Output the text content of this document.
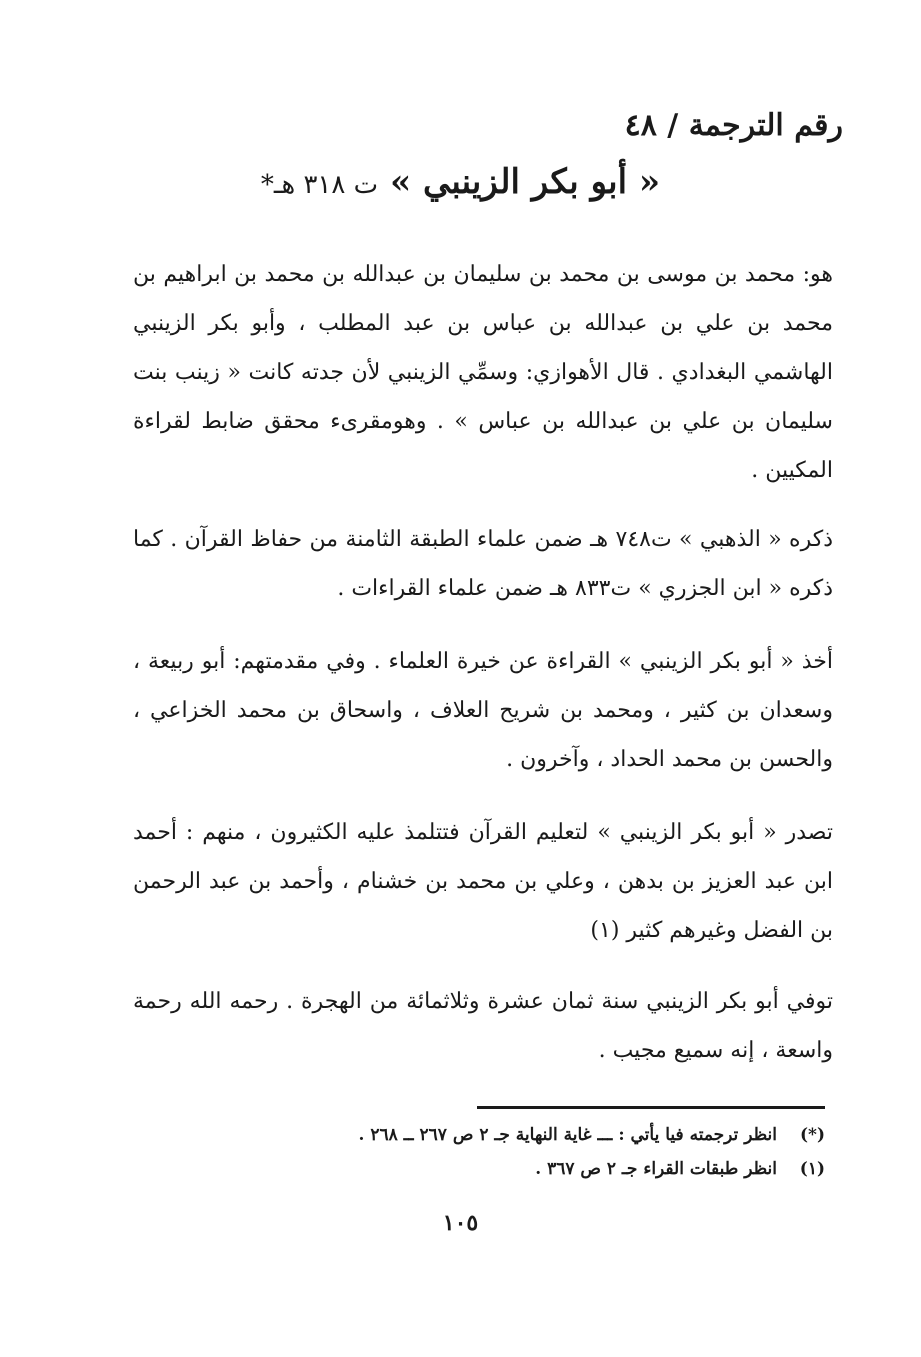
رقم الترجمة / ٤٨
« أبو بكر الزينبي » ت ٣١٨ هـ*

هو: محمد بن موسى بن محمد بن سليمان بن عبدالله بن محمد بن ابراهيم بن محمد بن علي بن عبدالله بن عباس بن عبد المطلب ، وأبو بكر الزينبي الهاشمي البغدادي . قال الأهوازي: وسمِّي الزينبي لأن جدته كانت « زينب بنت سليمان بن علي بن عبدالله بن عباس » . وهومقرىء محقق ضابط لقراءة المكيين .

ذكره « الذهبي » ت٧٤٨ هـ ضمن علماء الطبقة الثامنة من حفاظ القرآن . كما ذكره « ابن الجزري » ت٨٣٣ هـ ضمن علماء القراءات .

أخذ « أبو بكر الزينبي » القراءة عن خيرة العلماء . وفي مقدمتهم: أبو ربيعة ، وسعدان بن كثير ، ومحمد بن شريح العلاف ، واسحاق بن محمد الخزاعي ، والحسن بن محمد الحداد ، وآخرون .

تصدر « أبو بكر الزينبي » لتعليم القرآن فتتلمذ عليه الكثيرون ، منهم : أحمد ابن عبد العزيز بن بدهن ، وعلي بن محمد بن خشنام ، وأحمد بن عبد الرحمن بن الفضل وغيرهم كثير (١)

توفي أبو بكر الزينبي سنة ثمان عشرة وثلاثمائة من الهجرة . رحمه الله رحمة واسعة ، إنه سميع مجيب .

(*)
انظر ترجمته فيا يأتي : ـــ غاية النهاية جـ ٢ ص ٢٦٧ ــ ٢٦٨ .
(١)
انظر طبقات القراء جـ ٢ ص ٣٦٧ .
١٠٥
